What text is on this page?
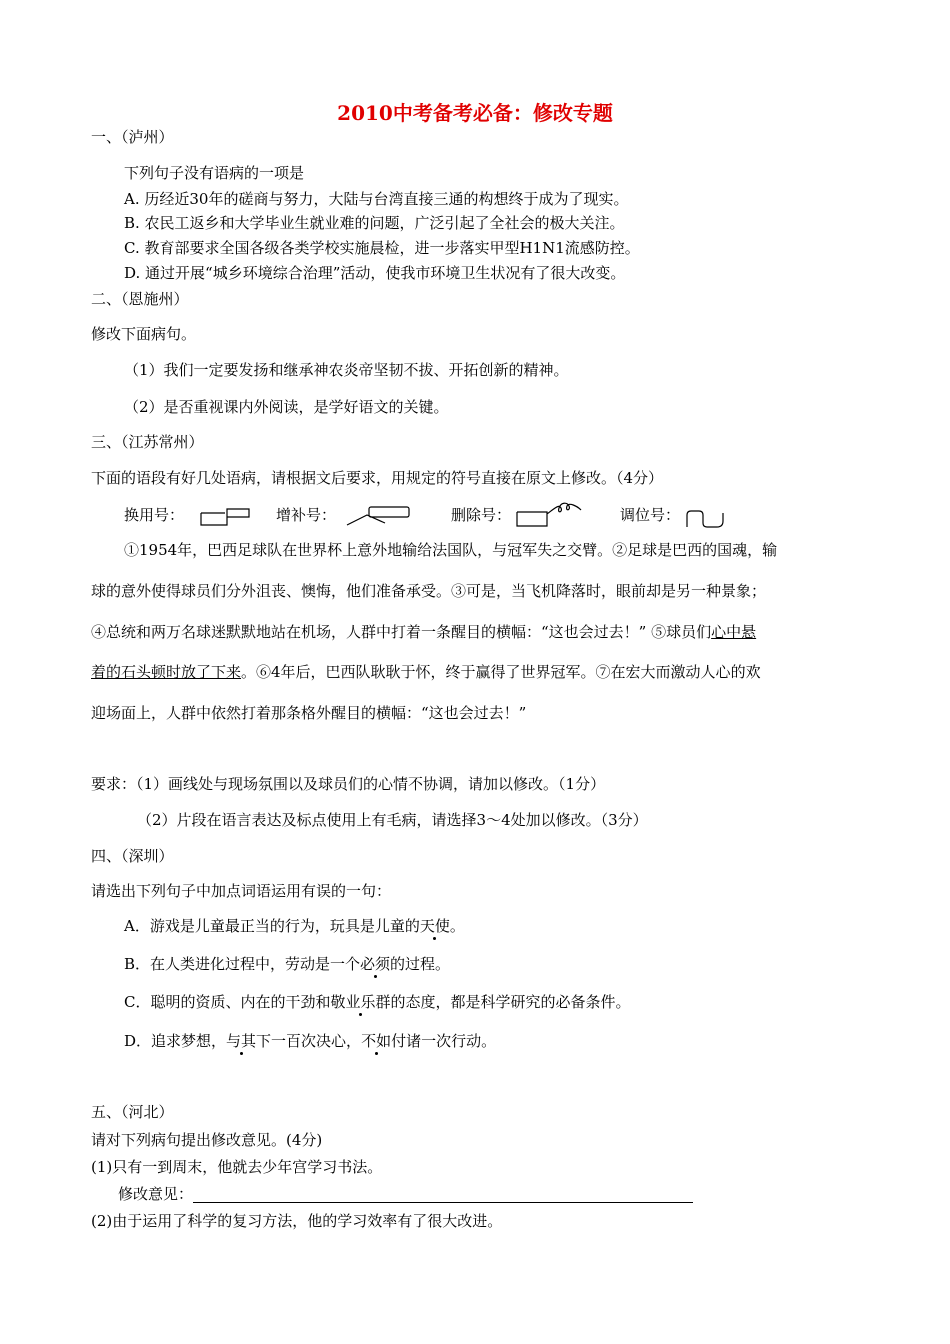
2010中考备考必备：修改专题
一、（泸州）
下列句子没有语病的一项是
A. 历经近30年的磋商与努力，大陆与台湾直接三通的构想终于成为了现实。
B. 农民工返乡和大学毕业生就业难的问题，广泛引起了全社会的极大关注。
C. 教育部要求全国各级各类学校实施晨检，进一步落实甲型H1N1流感防控。
D. 通过开展“城乡环境综合治理”活动，使我市环境卫生状况有了很大改变。
二、（恩施州）
修改下面病句。
（1）我们一定要发扬和继承神农炎帝坚韧不拔、开拓创新的精神。
（2）是否重视课内外阅读，是学好语文的关键。
三、（江苏常州）
下面的语段有好几处语病，请根据文后要求，用规定的符号直接在原文上修改。（4分）
换用号：	增补号：	删除号：	调位号：
①1954年，巴西足球队在世界杯上意外地输给法国队，与冠军失之交臂。②足球是巴西的国魂，输
球的意外使得球员们分外沮丧、懊悔，他们准备承受。③可是，当飞机降落时，眼前却是另一种景象；
④总统和两万名球迷默默地站在机场，人群中打着一条醒目的横幅：“这也会过去！” ⑤球员们心中悬
着的石头顿时放了下来。⑥4年后，巴西队耿耿于怀，终于赢得了世界冠军。⑦在宏大而激动人心的欢
迎场面上，人群中依然打着那条格外醒目的横幅：“这也会过去！”
要求：（1）画线处与现场氛围以及球员们的心情不协调，请加以修改。（1分）
（2）片段在语言表达及标点使用上有毛病，请选择3～4处加以修改。（3分）
四、（深圳）
请选出下列句子中加点词语运用有误的一句：
A．游戏是儿童最正当的行为，玩具是儿童的天使。
B．在人类进化过程中，劳动是一个必须的过程。
C．聪明的资质、内在的干劲和敬业乐群的态度，都是科学研究的必备条件。
D．追求梦想，与其下一百次决心，不如付诸一次行动。
五、（河北）
请对下列病句提出修改意见。(4分)
(1)只有一到周末，他就去少年宫学习书法。
修改意见：
(2)由于运用了科学的复习方法，他的学习效率有了很大改进。
